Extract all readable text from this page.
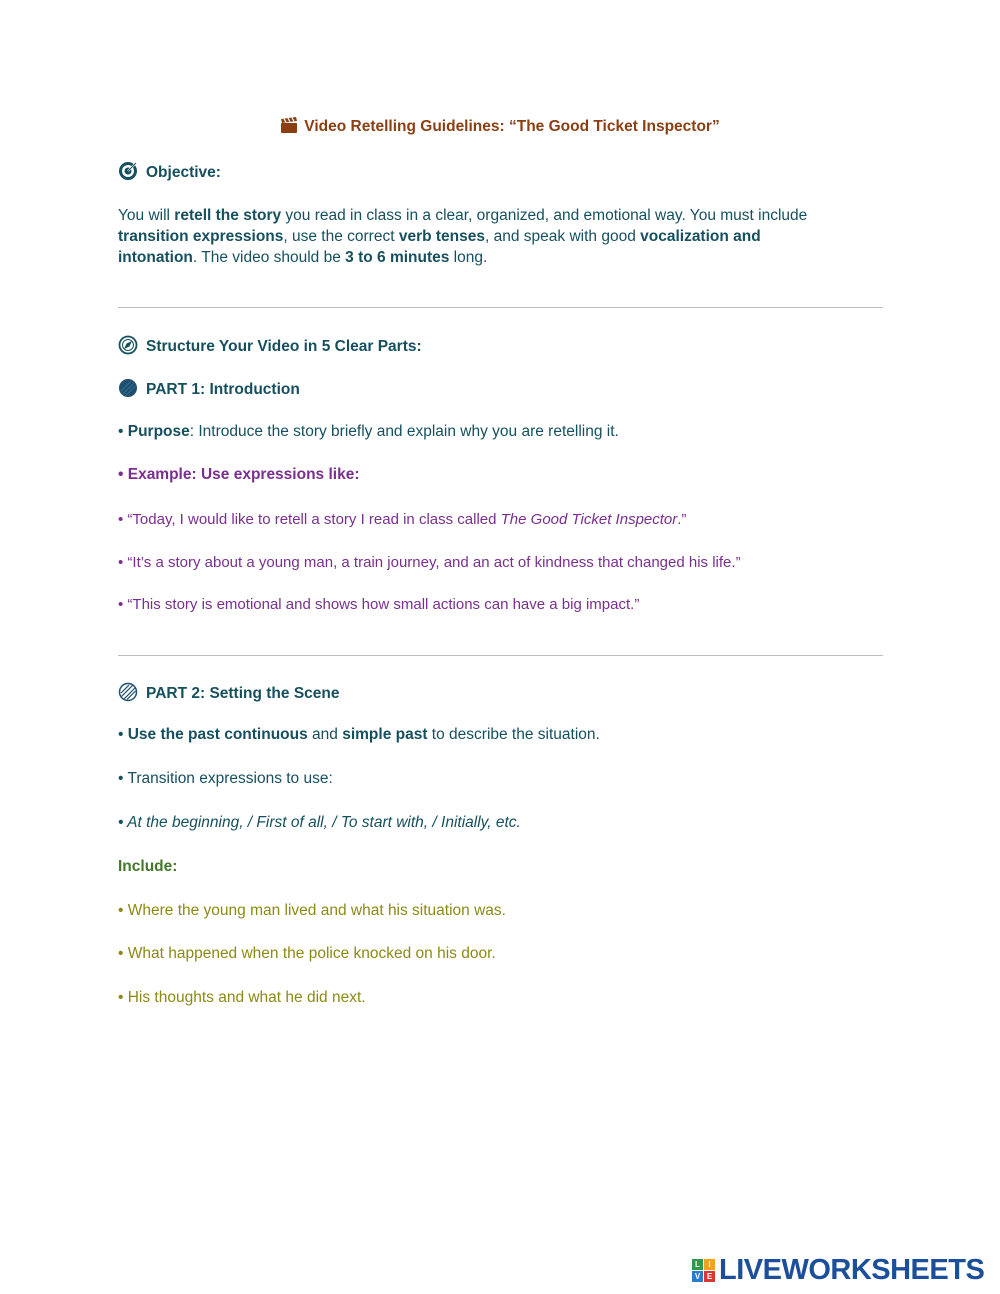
Video Retelling Guidelines: “The Good Ticket Inspector”
Objective:
You will retell the story you read in class in a clear, organized, and emotional way. You must include
transition expressions, use the correct verb tenses, and speak with good vocalization and
intonation. The video should be 3 to 6 minutes long.
Structure Your Video in 5 Clear Parts:
PART 1: Introduction
• Purpose: Introduce the story briefly and explain why you are retelling it.
• Example: Use expressions like:
• “Today, I would like to retell a story I read in class called The Good Ticket Inspector.”
• “It’s a story about a young man, a train journey, and an act of kindness that changed his life.”
• “This story is emotional and shows how small actions can have a big impact.”
PART 2: Setting the Scene
• Use the past continuous and simple past to describe the situation.
• Transition expressions to use:
• At the beginning, / First of all, / To start with, / Initially, etc.
Include:
• Where the young man lived and what his situation was.
• What happened when the police knocked on his door.
• His thoughts and what he did next.
L	I
V E LIVEWORKSHEETS
